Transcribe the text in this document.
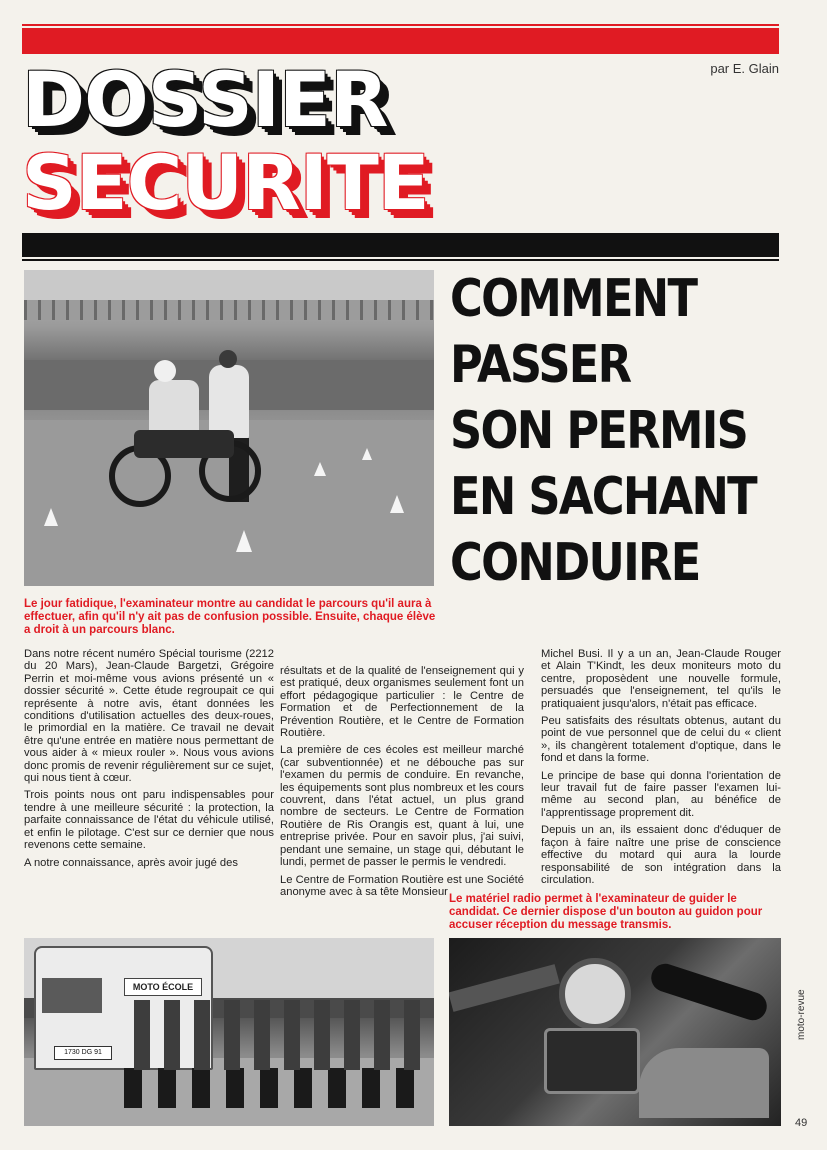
par E. Glain
DOSSIER
SECURITE
COMMENT
PASSER
SON PERMIS
EN SACHANT
CONDUIRE
Le jour fatidique, l'examinateur montre au candidat le parcours qu'il aura à effectuer, afin qu'il n'y ait pas de confusion possible. Ensuite, chaque élève a droit à un parcours blanc.

Dans notre récent numéro Spécial tourisme (2212 du 20 Mars), Jean-Claude Bargetzi, Grégoire Perrin et moi-même vous avions présenté un « dossier sécurité ». Cette étude regroupait ce qui représente à notre avis, étant données les conditions d'utilisation actuelles des deux-roues, le primordial en la matière. Ce travail ne devait être qu'une entrée en matière nous permettant de vous aider à « mieux rouler ». Nous vous avions donc promis de revenir régulièrement sur ce sujet, qui nous tient à cœur.

Trois points nous ont paru indispensables pour tendre à une meilleure sécurité : la protection, la parfaite connaissance de l'état du véhicule utilisé, et enfin le pilotage. C'est sur ce dernier que nous revenons cette semaine.

A notre connaissance, après avoir jugé des

résultats et de la qualité de l'enseignement qui y est pratiqué, deux organismes seulement font un effort pédagogique particulier : le Centre de Formation et de Perfectionnement de la Prévention Routière, et le Centre de Formation Routière.

La première de ces écoles est meilleur marché (car subventionnée) et ne débouche pas sur l'examen du permis de conduire. En revanche, les équipements sont plus nombreux et les cours couvrent, dans l'état actuel, un plus grand nombre de secteurs. Le Centre de Formation Routière de Ris Orangis est, quant à lui, une entreprise privée. Pour en savoir plus, j'ai suivi, pendant une semaine, un stage qui, débutant le lundi, permet de passer le permis le vendredi.

Le Centre de Formation Routière est une Société anonyme avec à sa tête Monsieur

Michel Busi. Il y a un an, Jean-Claude Rouger et Alain T'Kindt, les deux moniteurs moto du centre, proposèdent une nouvelle formule, persuadés que l'enseignement, tel qu'ils le pratiquaient jusqu'alors, n'était pas efficace.

Peu satisfaits des résultats obtenus, autant du point de vue personnel que de celui du « client », ils changèrent totalement d'optique, dans le fond et dans la forme.

Le principe de base qui donna l'orientation de leur travail fut de faire passer l'examen lui-même au second plan, au bénéfice de l'apprentissage proprement dit.

Depuis un an, ils essaient donc d'éduquer de façon à faire naître une prise de conscience effective du motard qui aura la lourde responsabilité de son intégration dans la circulation.

Le matériel radio permet à l'examinateur de guider le candidat. Ce dernier dispose d'un bouton au guidon pour accuser réception du message transmis.
MOTO ÉCOLE
1730 DG 91
moto-revue
49
